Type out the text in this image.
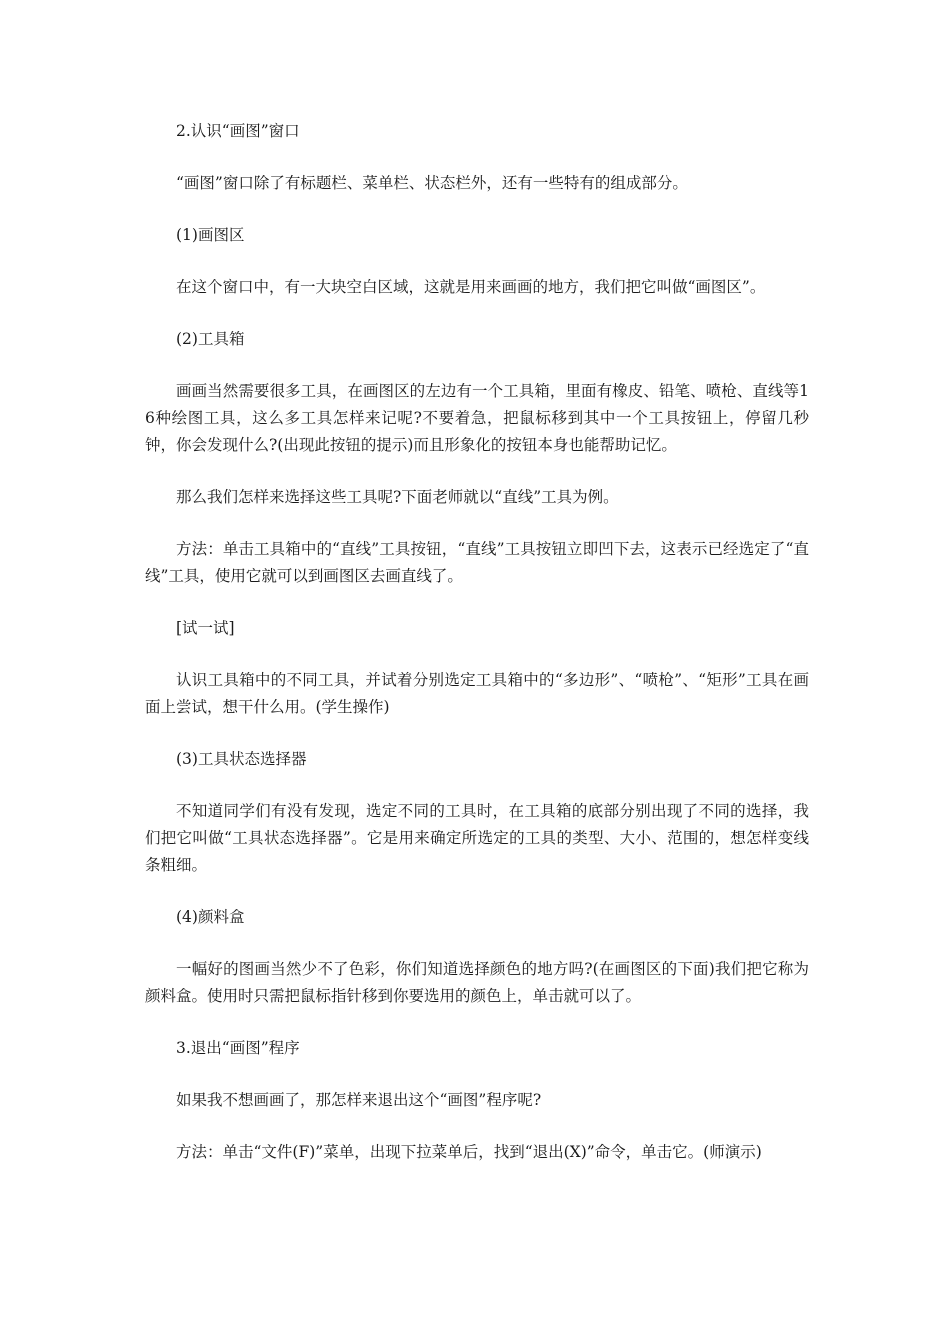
2.认识“画图”窗口

“画图”窗口除了有标题栏、菜单栏、状态栏外，还有一些特有的组成部分。

(1)画图区

在这个窗口中，有一大块空白区域，这就是用来画画的地方，我们把它叫做“画图区”。

(2)工具箱

画画当然需要很多工具，在画图区的左边有一个工具箱，里面有橡皮、铅笔、喷枪、直线等16种绘图工具，这么多工具怎样来记呢?不要着急，把鼠标移到其中一个工具按钮上，停留几秒钟，你会发现什么?(出现此按钮的提示)而且形象化的按钮本身也能帮助记忆。

那么我们怎样来选择这些工具呢?下面老师就以“直线”工具为例。

方法：单击工具箱中的“直线”工具按钮，“直线”工具按钮立即凹下去，这表示已经选定了“直线”工具，使用它就可以到画图区去画直线了。

[试一试]

认识工具箱中的不同工具，并试着分别选定工具箱中的“多边形”、“喷枪”、“矩形”工具在画面上尝试，想干什么用。(学生操作)

(3)工具状态选择器

不知道同学们有没有发现，选定不同的工具时，在工具箱的底部分别出现了不同的选择，我们把它叫做“工具状态选择器”。它是用来确定所选定的工具的类型、大小、范围的，想怎样变线条粗细。

(4)颜料盒

一幅好的图画当然少不了色彩，你们知道选择颜色的地方吗?(在画图区的下面)我们把它称为颜料盒。使用时只需把鼠标指针移到你要选用的颜色上，单击就可以了。

3.退出“画图”程序

如果我不想画画了，那怎样来退出这个“画图”程序呢?

方法：单击“文件(F)”菜单，出现下拉菜单后，找到“退出(X)”命令，单击它。(师演示)
